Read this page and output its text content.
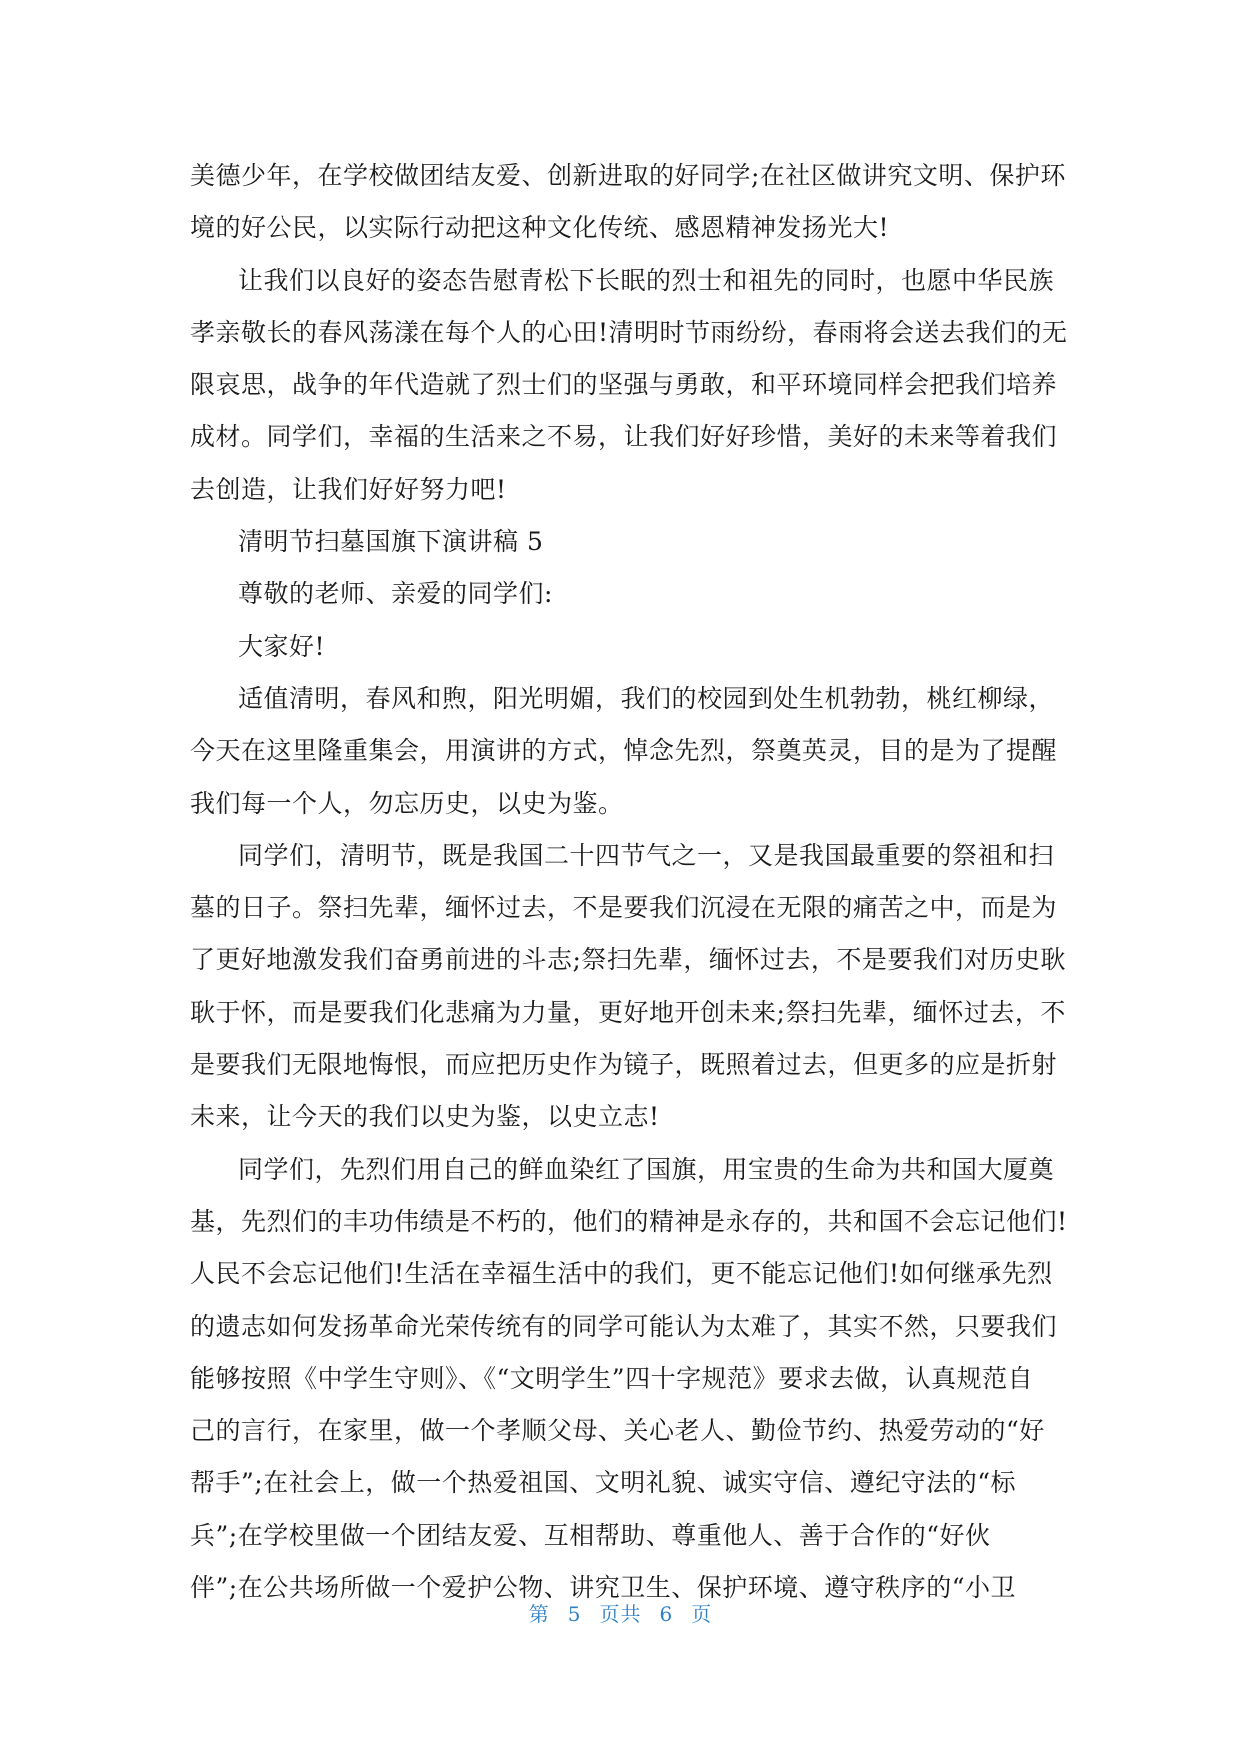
美德少年，在学校做团结友爱、创新进取的好同学;在社区做讲究文明、保护环
境的好公民，以实际行动把这种文化传统、感恩精神发扬光大!
让我们以良好的姿态告慰青松下长眠的烈士和祖先的同时，也愿中华民族
孝亲敬长的春风荡漾在每个人的心田!清明时节雨纷纷，春雨将会送去我们的无
限哀思，战争的年代造就了烈士们的坚强与勇敢，和平环境同样会把我们培养
成材。同学们，幸福的生活来之不易，让我们好好珍惜，美好的未来等着我们
去创造，让我们好好努力吧!
清明节扫墓国旗下演讲稿 5
尊敬的老师、亲爱的同学们:
大家好!
适值清明，春风和煦，阳光明媚，我们的校园到处生机勃勃，桃红柳绿，
今天在这里隆重集会，用演讲的方式，悼念先烈，祭奠英灵，目的是为了提醒
我们每一个人，勿忘历史，以史为鉴。
同学们，清明节，既是我国二十四节气之一，又是我国最重要的祭祖和扫
墓的日子。祭扫先辈，缅怀过去，不是要我们沉浸在无限的痛苦之中，而是为
了更好地激发我们奋勇前进的斗志;祭扫先辈，缅怀过去，不是要我们对历史耿
耿于怀，而是要我们化悲痛为力量，更好地开创未来;祭扫先辈，缅怀过去，不
是要我们无限地悔恨，而应把历史作为镜子，既照着过去，但更多的应是折射
未来，让今天的我们以史为鉴，以史立志!
同学们，先烈们用自己的鲜血染红了国旗，用宝贵的生命为共和国大厦奠
基，先烈们的丰功伟绩是不朽的，他们的精神是永存的，共和国不会忘记他们!
人民不会忘记他们!生活在幸福生活中的我们，更不能忘记他们!如何继承先烈
的遗志如何发扬革命光荣传统有的同学可能认为太难了，其实不然，只要我们
能够按照《中学生守则》、《“文明学生”四十字规范》要求去做，认真规范自
己的言行，在家里，做一个孝顺父母、关心老人、勤俭节约、热爱劳动的“好
帮手”;在社会上，做一个热爱祖国、文明礼貌、诚实守信、遵纪守法的“标
兵”;在学校里做一个团结友爱、互相帮助、尊重他人、善于合作的“好伙
伴”;在公共场所做一个爱护公物、讲究卫生、保护环境、遵守秩序的“小卫
第 5 页共 6 页
